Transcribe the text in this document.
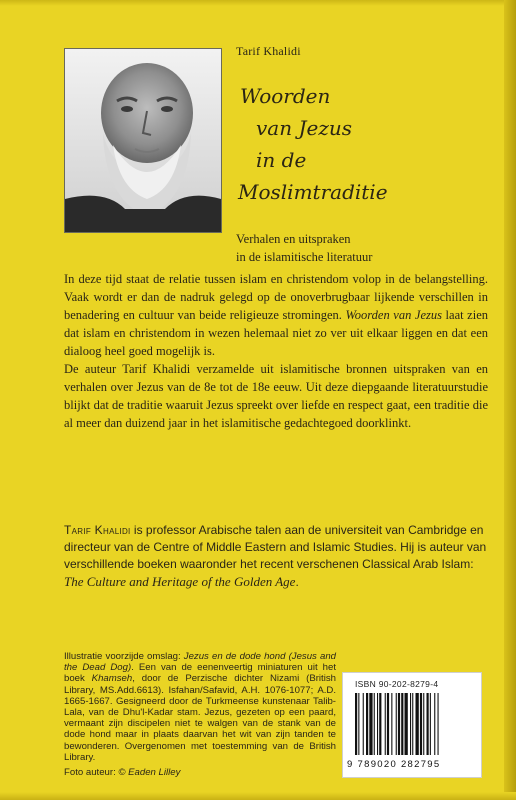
Tarif Khalidi
Woorden
van Jezus
in de
Moslimtraditie
Verhalen en uitspraken
in de islamitische literatuur

In deze tijd staat de relatie tussen islam en christendom volop in de belangstelling. Vaak wordt er dan de nadruk gelegd op de onoverbrugbaar lijkende verschillen in benadering en cultuur van beide religieuze stromingen. Woorden van Jezus laat zien dat islam en christendom in wezen helemaal niet zo ver uit elkaar liggen en dat een dialoog heel goed mogelijk is.

De auteur Tarif Khalidi verzamelde uit islamitische bronnen uitspraken van en verhalen over Jezus van de 8e tot de 18e eeuw. Uit deze diepgaande literatuurstudie blijkt dat de traditie waaruit Jezus spreekt over liefde en respect gaat, een traditie die al meer dan duizend jaar in het islamitische gedachtegoed doorklinkt.

Tarif Khalidi is professor Arabische talen aan de universiteit van Cambridge en directeur van de Centre of Middle Eastern and Islamic Studies. Hij is auteur van verschillende boeken waaronder het recent verschenen Classical Arab Islam: The Culture and Heritage of the Golden Age.

Illustratie voorzijde omslag: Jezus en de dode hond (Jesus and the Dead Dog). Een van de eenenveertig miniaturen uit het boek Khamseh, door de Perzische dichter Nizami (British Library, MS.Add.6613). Isfahan/Safavid, A.H. 1076-1077; A.D. 1665-1667. Gesigneerd door de Turkmeense kunstenaar Talib-Lala, van de Dhu'l-Kadar stam. Jezus, gezeten op een paard, vermaant zijn discipelen niet te walgen van de stank van de dode hond maar in plaats daarvan het wit van zijn tanden te bewonderen. Overgenomen met toestemming van de British Library.

Foto auteur: © Eaden Lilley
ISBN 90-202-8279-4
9 789020 282795
